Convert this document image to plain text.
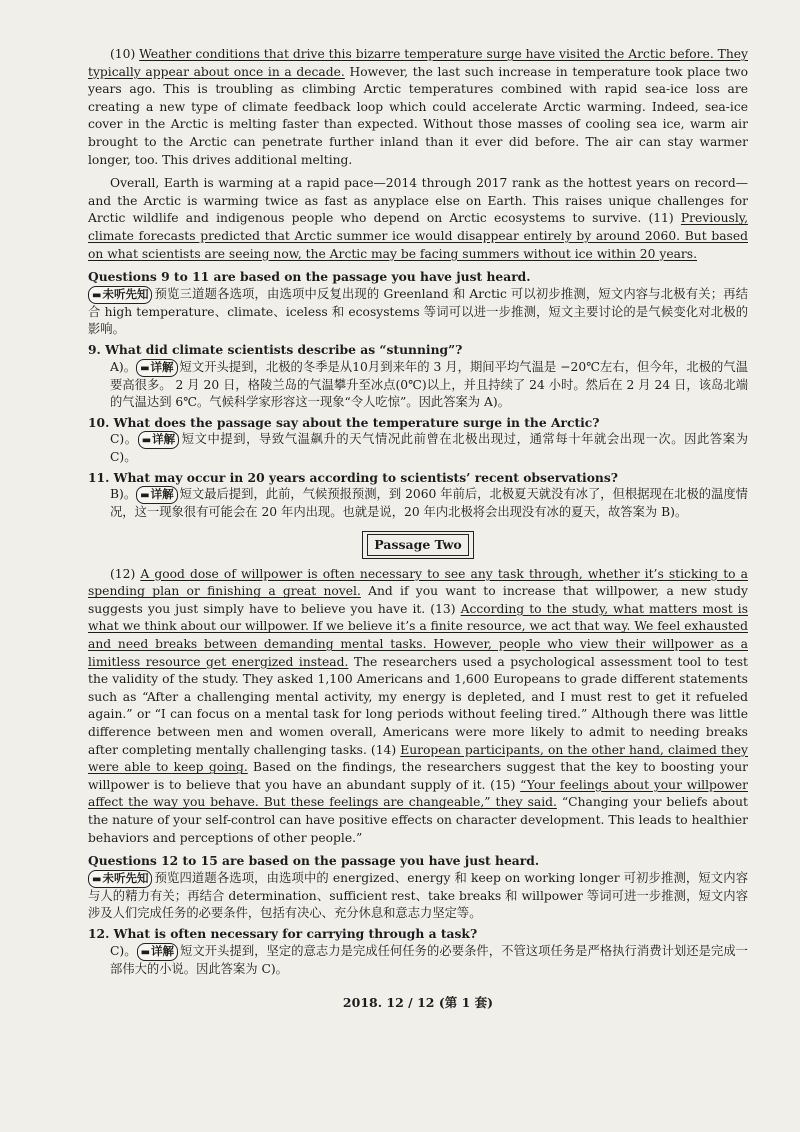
(10) Weather conditions that drive this bizarre temperature surge have visited the Arctic before. They typically appear about once in a decade. However, the last such increase in temperature took place two years ago. This is troubling as climbing Arctic temperatures combined with rapid sea-ice loss are creating a new type of climate feedback loop which could accelerate Arctic warming. Indeed, sea-ice cover in the Arctic is melting faster than expected. Without those masses of cooling sea ice, warm air brought to the Arctic can penetrate further inland than it ever did before. The air can stay warmer longer, too. This drives additional melting.

Overall, Earth is warming at a rapid pace—2014 through 2017 rank as the hottest years on record—and the Arctic is warming twice as fast as anyplace else on Earth. This raises unique challenges for Arctic wildlife and indigenous people who depend on Arctic ecosystems to survive. (11) Previously, climate forecasts predicted that Arctic summer ice would disappear entirely by around 2060. But based on what scientists are seeing now, the Arctic may be facing summers without ice within 20 years.

Questions 9 to 11 are based on the passage you have just heard.

▬未听先知 预览三道题各选项，由选项中反复出现的 Greenland 和 Arctic 可以初步推测，短文内容与北极有关；再结合 high temperature、climate、iceless 和 ecosystems 等词可以进一步推测，短文主要讨论的是气候变化对北极的影响。

9. What did climate scientists describe as “stunning”?

A)。 ▬详解 短文开头提到，北极的冬季是从10月到来年的 3 月，期间平均气温是 −20℃左右，但今年，北极的气温要高很多。 2 月 20 日，格陵兰岛的气温攀升至冰点(0℃)以上，并且持续了 24 小时。然后在 2 月 24 日，该岛北端的气温达到 6℃。气候科学家形容这一现象“令人吃惊”。因此答案为 A)。

10. What does the passage say about the temperature surge in the Arctic?

C)。 ▬详解 短文中提到，导致气温飙升的天气情况此前曾在北极出现过，通常每十年就会出现一次。因此答案为 C)。

11. What may occur in 20 years according to scientists’ recent observations?

B)。 ▬详解 短文最后提到，此前，气候预报预测，到 2060 年前后，北极夏天就没有冰了，但根据现在北极的温度情况，这一现象很有可能会在 20 年内出现。也就是说，20 年内北极将会出现没有冰的夏天，故答案为 B)。

Passage Two

(12) A good dose of willpower is often necessary to see any task through, whether it’s sticking to a spending plan or finishing a great novel. And if you want to increase that willpower, a new study suggests you just simply have to believe you have it. (13) According to the study, what matters most is what we think about our willpower. If we believe it’s a finite resource, we act that way. We feel exhausted and need breaks between demanding mental tasks. However, people who view their willpower as a limitless resource get energized instead. The researchers used a psychological assessment tool to test the validity of the study. They asked 1,100 Americans and 1,600 Europeans to grade different statements such as “After a challenging mental activity, my energy is depleted, and I must rest to get it refueled again.” or “I can focus on a mental task for long periods without feeling tired.” Although there was little difference between men and women overall, Americans were more likely to admit to needing breaks after completing mentally challenging tasks. (14) European participants, on the other hand, claimed they were able to keep going. Based on the findings, the researchers suggest that the key to boosting your willpower is to believe that you have an abundant supply of it. (15) “Your feelings about your willpower affect the way you behave. But these feelings are changeable,” they said. “Changing your beliefs about the nature of your self-control can have positive effects on character development. This leads to healthier behaviors and perceptions of other people.”

Questions 12 to 15 are based on the passage you have just heard.

▬未听先知 预览四道题各选项，由选项中的 energized、energy 和 keep on working longer 可初步推测，短文内容与人的精力有关；再结合 determination、sufficient rest、take breaks 和 willpower 等词可进一步推测，短文内容涉及人们完成任务的必要条件，包括有决心、充分休息和意志力坚定等。

12. What is often necessary for carrying through a task?

C)。 ▬详解 短文开头提到，坚定的意志力是完成任何任务的必要条件，不管这项任务是严格执行消费计划还是完成一部伟大的小说。因此答案为 C)。

2018. 12 / 12 (第 1 套)
